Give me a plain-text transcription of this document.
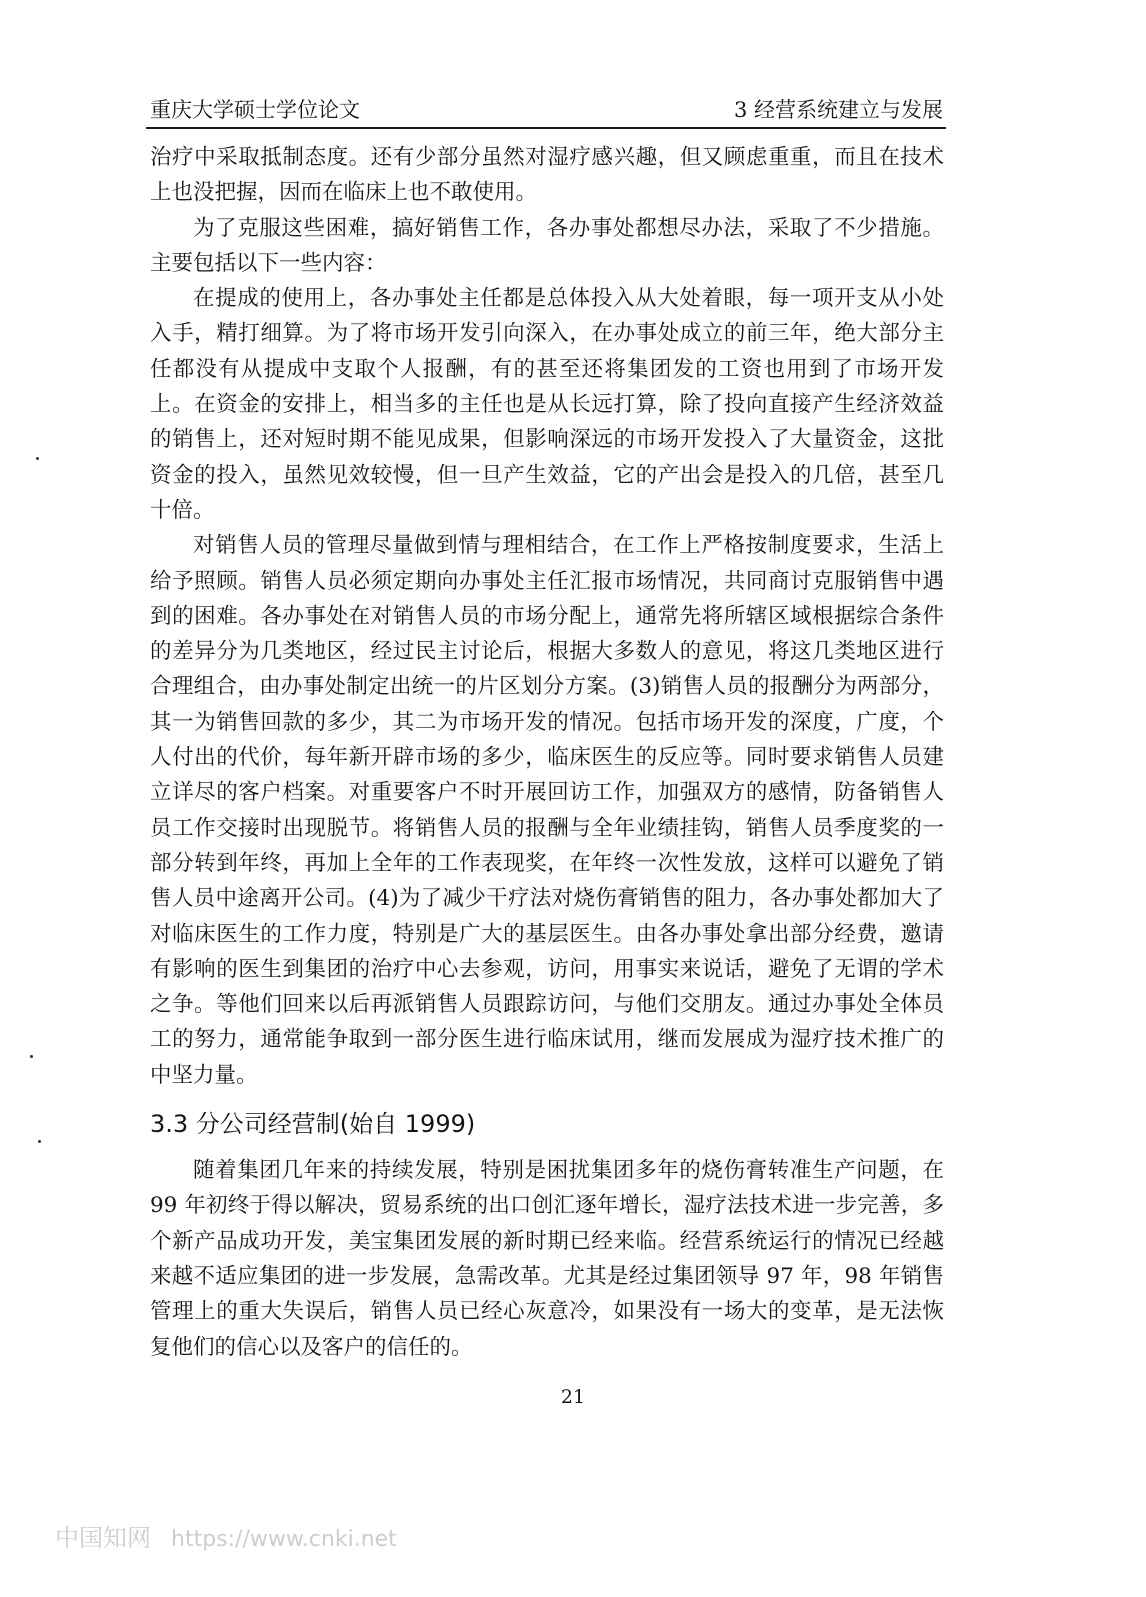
重庆大学硕士学位论文	3 经营系统建立与发展

治疗中采取抵制态度。还有少部分虽然对湿疗感兴趣，但又顾虑重重，而且在技术上也没把握，因而在临床上也不敢使用。

为了克服这些困难，搞好销售工作，各办事处都想尽办法，采取了不少措施。主要包括以下一些内容：

在提成的使用上，各办事处主任都是总体投入从大处着眼，每一项开支从小处入手，精打细算。为了将市场开发引向深入，在办事处成立的前三年，绝大部分主任都没有从提成中支取个人报酬，有的甚至还将集团发的工资也用到了市场开发上。在资金的安排上，相当多的主任也是从长远打算，除了投向直接产生经济效益的销售上，还对短时期不能见成果，但影响深远的市场开发投入了大量资金，这批资金的投入，虽然见效较慢，但一旦产生效益，它的产出会是投入的几倍，甚至几十倍。

对销售人员的管理尽量做到情与理相结合，在工作上严格按制度要求，生活上给予照顾。销售人员必须定期向办事处主任汇报市场情况，共同商讨克服销售中遇到的困难。各办事处在对销售人员的市场分配上，通常先将所辖区域根据综合条件的差异分为几类地区，经过民主讨论后，根据大多数人的意见，将这几类地区进行合理组合，由办事处制定出统一的片区划分方案。(3)销售人员的报酬分为两部分，其一为销售回款的多少，其二为市场开发的情况。包括市场开发的深度，广度，个人付出的代价，每年新开辟市场的多少，临床医生的反应等。同时要求销售人员建立详尽的客户档案。对重要客户不时开展回访工作，加强双方的感情，防备销售人员工作交接时出现脱节。将销售人员的报酬与全年业绩挂钩，销售人员季度奖的一部分转到年终，再加上全年的工作表现奖，在年终一次性发放，这样可以避免了销售人员中途离开公司。(4)为了减少干疗法对烧伤膏销售的阻力，各办事处都加大了对临床医生的工作力度，特别是广大的基层医生。由各办事处拿出部分经费，邀请有影响的医生到集团的治疗中心去参观，访问，用事实来说话，避免了无谓的学术之争。等他们回来以后再派销售人员跟踪访问，与他们交朋友。通过办事处全体员工的努力，通常能争取到一部分医生进行临床试用，继而发展成为湿疗技术推广的中坚力量。

3.3 分公司经营制(始自 1999)

随着集团几年来的持续发展，特别是困扰集团多年的烧伤膏转准生产问题，在 99 年初终于得以解决，贸易系统的出口创汇逐年增长，湿疗法技术进一步完善，多个新产品成功开发，美宝集团发展的新时期已经来临。经营系统运行的情况已经越来越不适应集团的进一步发展，急需改革。尤其是经过集团领导 97 年，98 年销售管理上的重大失误后，销售人员已经心灰意冷，如果没有一场大的变革，是无法恢复他们的信心以及客户的信任的。

21
中国知网 https://www.cnki.net
